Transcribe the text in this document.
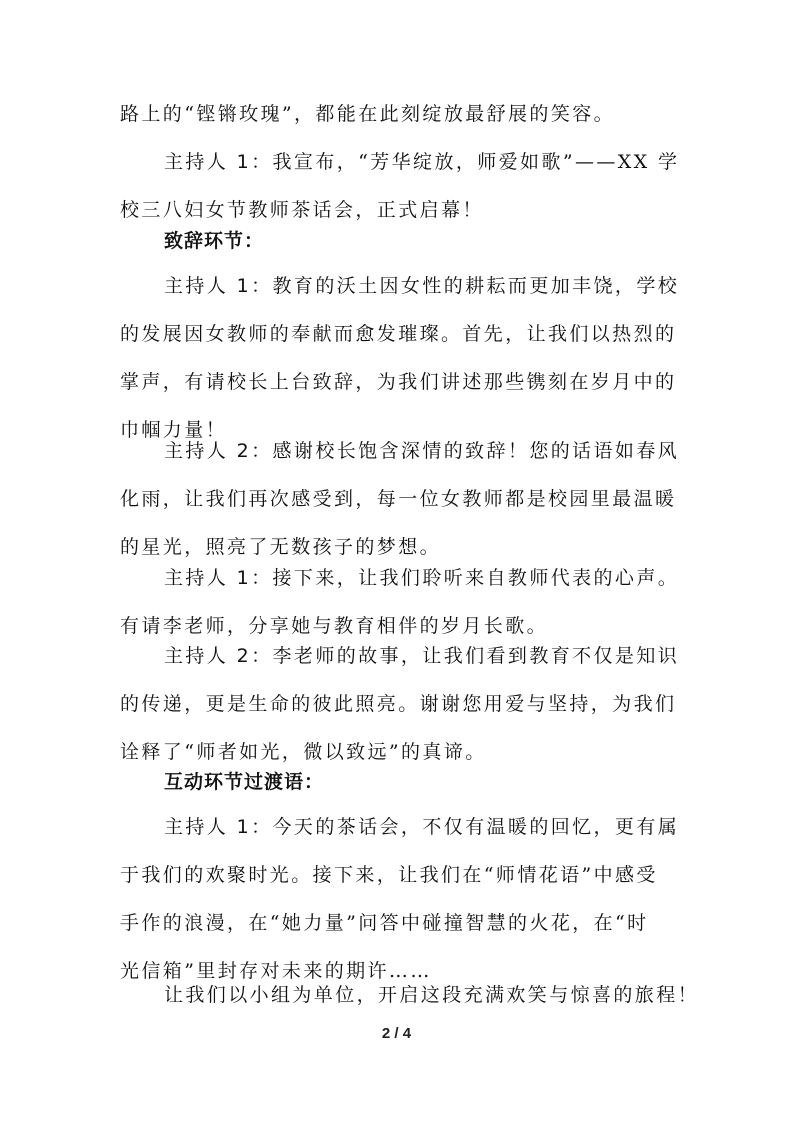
路上的“铿锵玫瑰”，都能在此刻绽放最舒展的笑容。

主持人 1：我宣布，“芳华绽放，师爱如歌”——XX 学
校三八妇女节教师茶话会，正式启幕！

致辞环节：

主持人 1：教育的沃土因女性的耕耘而更加丰饶，学校
的发展因女教师的奉献而愈发璀璨。首先，让我们以热烈的
掌声，有请校长上台致辞，为我们讲述那些镌刻在岁月中的
巾帼力量！

主持人 2：感谢校长饱含深情的致辞！您的话语如春风
化雨，让我们再次感受到，每一位女教师都是校园里最温暖
的星光，照亮了无数孩子的梦想。

主持人 1：接下来，让我们聆听来自教师代表的心声。
有请李老师，分享她与教育相伴的岁月长歌。

主持人 2：李老师的故事，让我们看到教育不仅是知识
的传递，更是生命的彼此照亮。谢谢您用爱与坚持，为我们
诠释了“师者如光，微以致远”的真谛。

互动环节过渡语：

主持人 1：今天的茶话会，不仅有温暖的回忆，更有属
于我们的欢聚时光。接下来，让我们在“师情花语”中感受
手作的浪漫，在“她力量”问答中碰撞智慧的火花，在“时
光信箱”里封存对未来的期许……

让我们以小组为单位，开启这段充满欢笑与惊喜的旅程！

2 / 4
